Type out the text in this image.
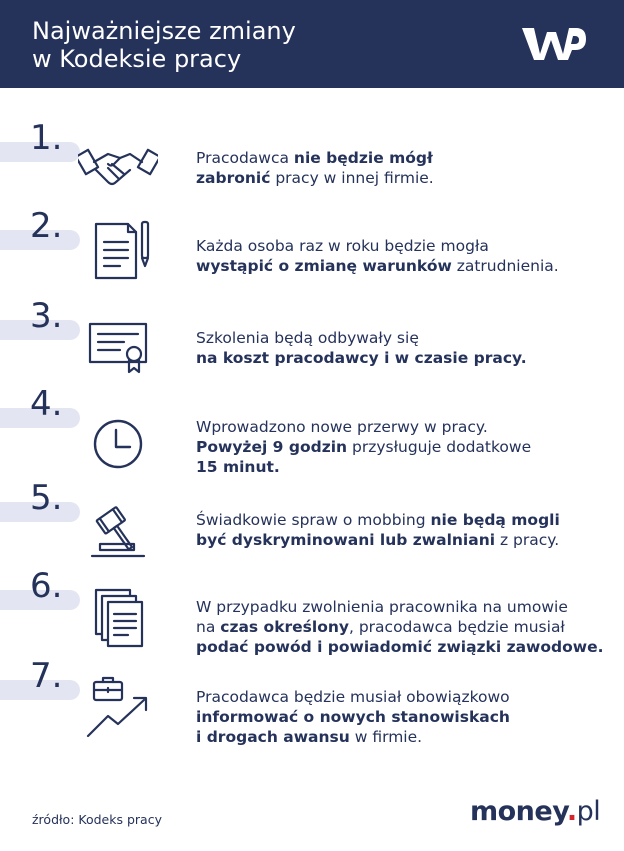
Najważniejsze zmiany
w Kodeksie pracy
1.	Pracodawca nie będzie mógł
zabronić pracy w innej firmie.
2.	Każda osoba raz w roku będzie mogła
wystąpić o zmianę warunków zatrudnienia.
3.
Szkolenia będą odbywały się
na koszt pracodawcy i w czasie pracy.
4.
Wprowadzono nowe przerwy w pracy.
Powyżej 9 godzin przysługuje dodatkowe
15 minut.
5.
Świadkowie spraw o mobbing nie będą mogli
być dyskryminowani lub zwalniani z pracy.
6.
W przypadku zwolnienia pracownika na umowie
na czas określony, pracodawca będzie musiał
podać powód i powiadomić związki zawodowe.
7.
Pracodawca będzie musiał obowiązkowo
informować o nowych stanowiskach
i drogach awansu w firmie.
źródło: Kodeks pracy	money.pl
